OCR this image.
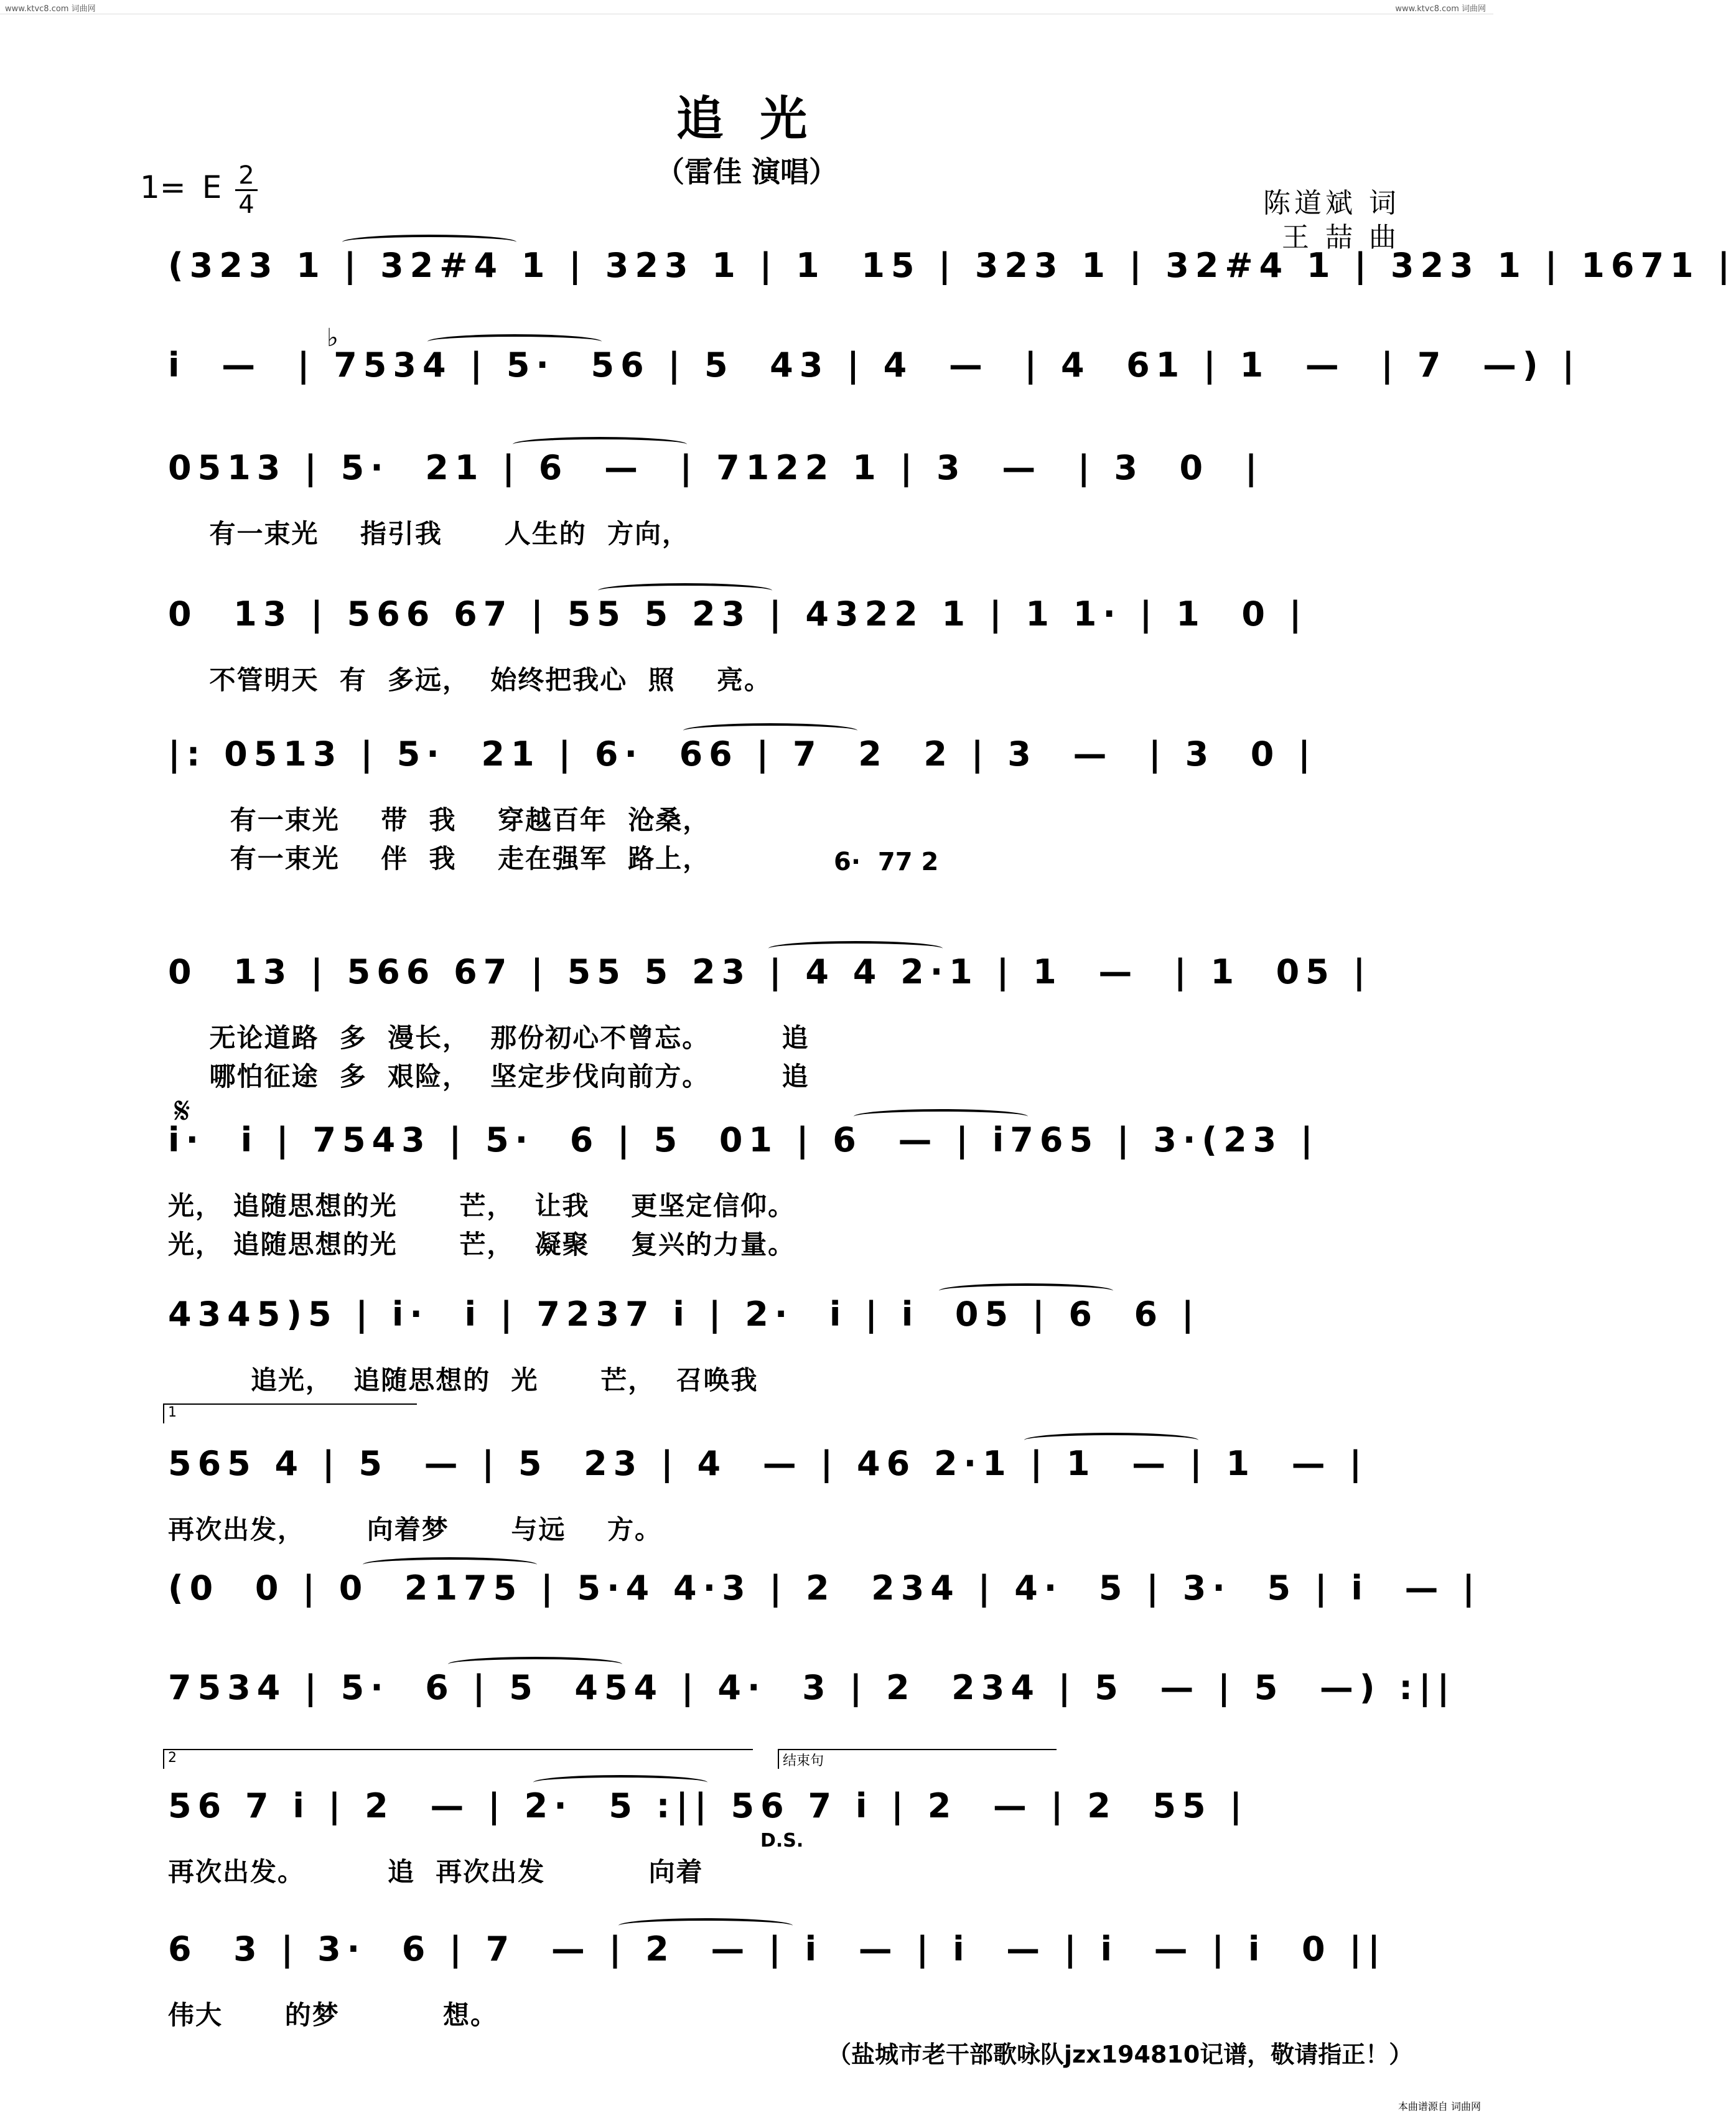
www.ktvc8.com 词曲网	www.ktvc8.com 词曲网
追 光
（雷佳 演唱）
1=
♭
E 2
4	陈道斌 词
王 喆 曲
(323 1 | 32#4 1 | 323 1 | 1  15 | 323 1 | 32#4 1 | 323 1 | 1671 |
i  —  | 7534 | 5·  56 | 5  43 | 4  —  | 4  61 | 1  —  | 7  —) |
0513 | 5·  21 | 6  —  | 7122 1 | 3  —  | 3  0  |
有一束光    指引我      人生的  方向，
0  13 | 566 67 | 55 5 23 | 4322 1 | 1 1· | 1  0 |
不管明天  有  多远，  始终把我心  照    亮。
|: 0513 | 5·  21 | 6·  66 | 7  2  2 | 3  —  | 3  0 |
有一束光    带  我    穿越百年  沧桑，
有一束光    伴  我    走在强军  路上，
0  13 | 566 67 | 55 5 23 | 4 4 2·1 | 1  —  | 1  05 |
无论道路  多  漫长，  那份初心不曾忘。       追
哪怕征途  多  艰险，  坚定步伐向前方。       追
i·  i | 7543 | 5·  6 | 5  01 | 6  — | i765 | 3·(23 |
光， 追随思想的光      芒，  让我    更坚定信仰。
光， 追随思想的光      芒，  凝聚    复兴的力量。
4345)5 | i·  i | 7237 i | 2·  i | i  05 | 6  6 |
追光，  追随思想的  光      芒，  召唤我
565 4 | 5  — | 5  23 | 4  — | 46 2·1 | 1  — | 1  — |
再次出发，      向着梦      与远    方。
(0  0 | 0  2175 | 5·4 4·3 | 2  234 | 4·  5 | 3·  5 | i  — |
7534 | 5·  6 | 5  454 | 4·  3 | 2  234 | 5  — | 5  —) :||
56 7 i | 2  — | 2·  5 :|| 56 7 i | 2  — | 2  55 |
再次出发。        追  再次出发          向着
6  3 | 3·  6 | 7  — | 2  — | i  — | i  — | i  — | i  0 ||
伟大      的梦          想。
𝄋
D.S.
1
2	结束句
6·  77 2
（盐城市老干部歌咏队jzx194810记谱，敬请指正！）
本曲谱源自 词曲网
